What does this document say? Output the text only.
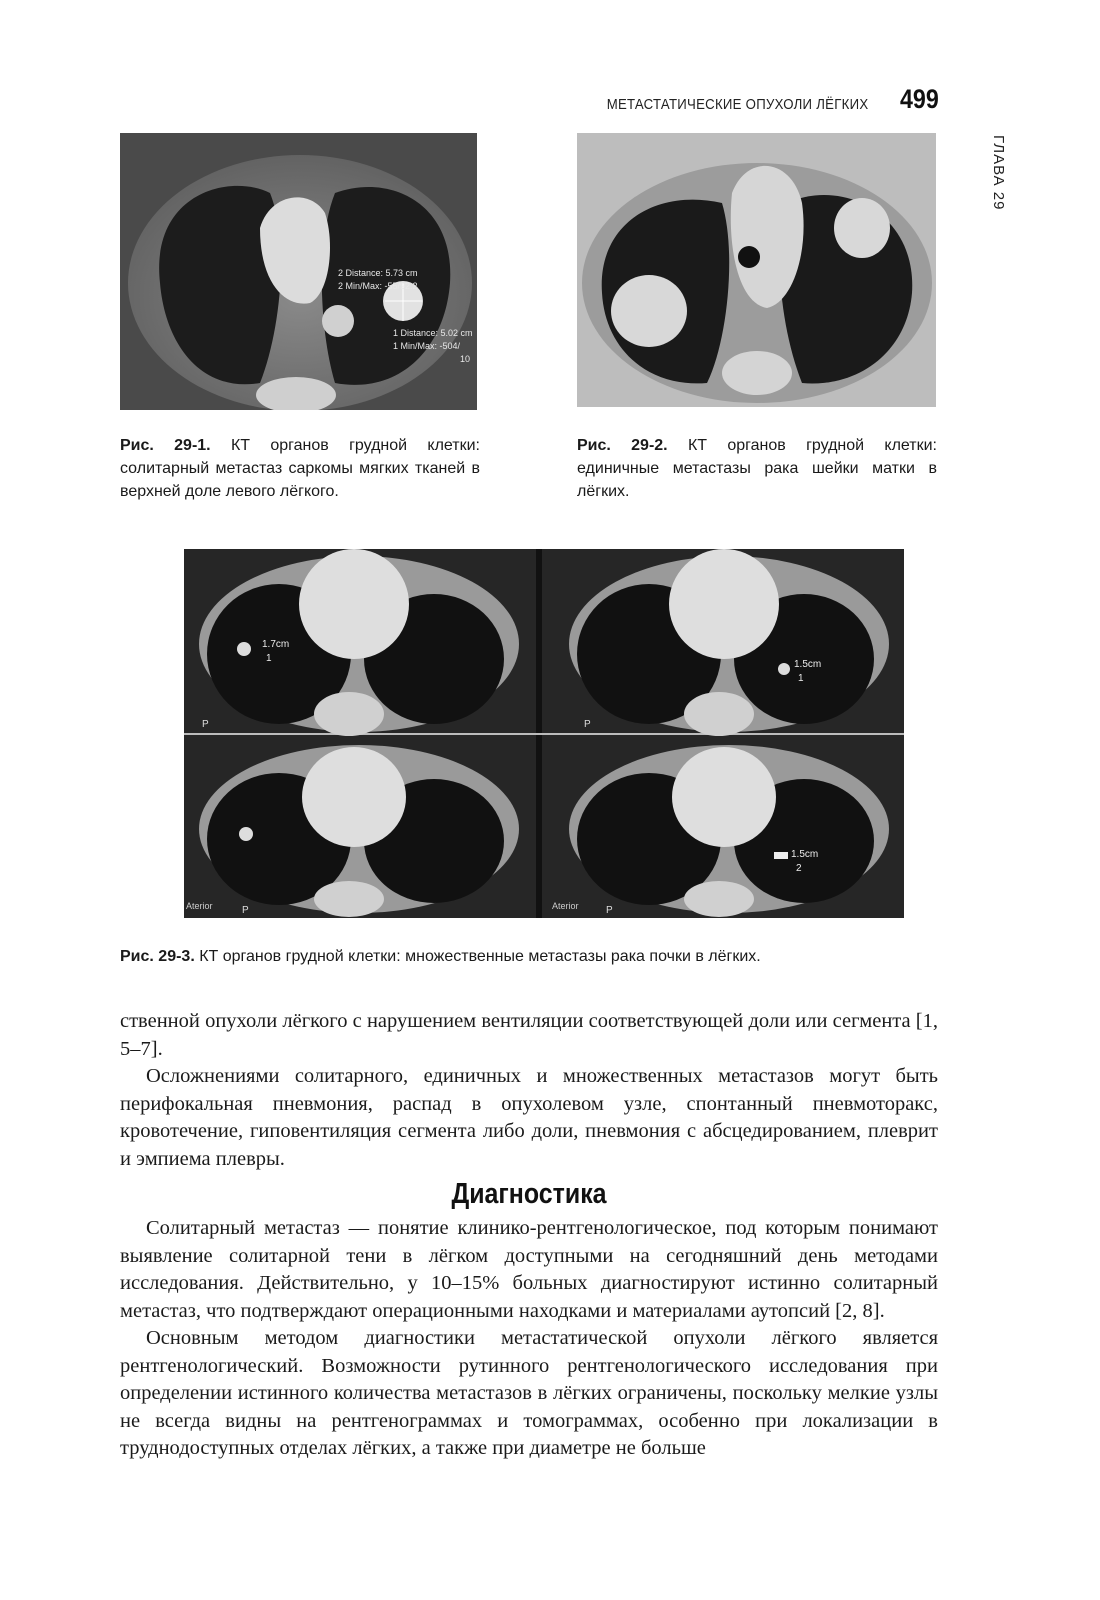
МЕТАСТАТИЧЕСКИЕ ОПУХОЛИ ЛЁГКИХ 499
ГЛАВА 29
2 Distance: 5.73 cm
2 Min/Max: -55/92.2
1 Distance: 5.02 cm
1 Min/Max: -504/
10
Рис. 29-1. КТ органов грудной клетки: солитарный метастаз саркомы мягких тканей в верхней доле левого лёгкого.
Рис. 29-2. КТ органов грудной клетки: единичные метастазы рака шейки матки в лёгких.
1.7cm
1
P
1.5cm
1
P
Aterior	P
1.5cm
2
Aterior	P
Рис. 29-3. КТ органов грудной клетки: множественные метастазы рака почки в лёгких.

ственной опухоли лёгкого с нарушением вентиляции соответствующей доли или сегмента [1, 5–7].

Осложнениями солитарного, единичных и множественных метастазов могут быть перифокальная пневмония, распад в опухолевом узле, спонтанный пневмоторакс, кровотечение, гиповентиляция сегмента либо доли, пневмония с абсцедированием, плеврит и эмпиема плевры.

Диагностика

Солитарный метастаз — понятие клинико-рентгенологическое, под которым понимают выявление солитарной тени в лёгком доступными на сегодняшний день методами исследования. Действительно, у 10–15% больных диагностируют истинно солитарный метастаз, что подтверждают операционными находками и материалами аутопсий [2, 8].

Основным методом диагностики метастатической опухоли лёгкого является рентгенологический. Возможности рутинного рентгенологического исследования при определении истинного количества метастазов в лёгких ограничены, поскольку мелкие узлы не всегда видны на рентгенограммах и томограммах, особенно при локализации в труднодоступных отделах лёгких, а также при диаметре не больше
